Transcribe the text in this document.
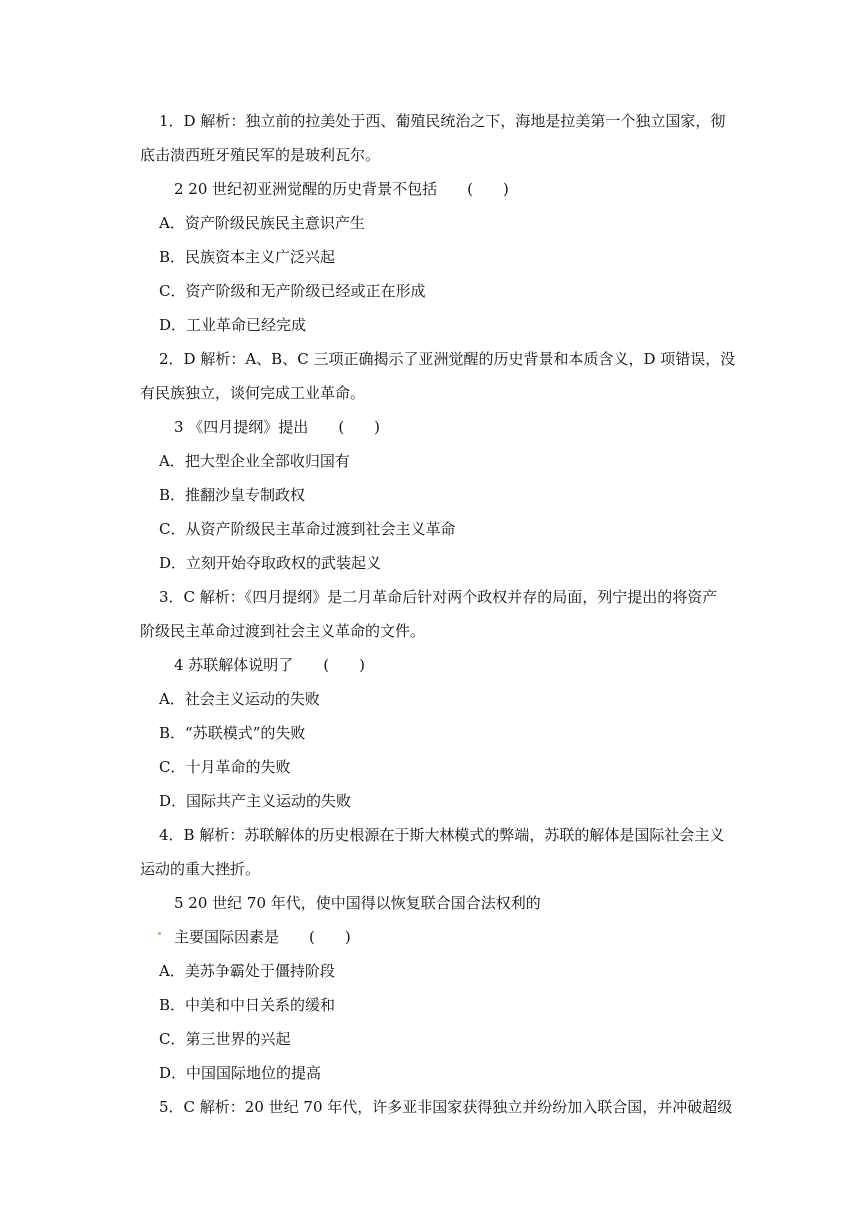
1．D 解析：独立前的拉美处于西、葡殖民统治之下，海地是拉美第一个独立国家，彻
底击溃西班牙殖民军的是玻利瓦尔。
2 20 世纪初亚洲觉醒的历史背景不包括　　(　　)
A．资产阶级民族民主意识产生
B．民族资本主义广泛兴起
C．资产阶级和无产阶级已经或正在形成
D．工业革命已经完成
2．D 解析：A、B、C 三项正确揭示了亚洲觉醒的历史背景和本质含义，D 项错误，没
有民族独立，谈何完成工业革命。
3 《四月提纲》提出　　(　　)
A．把大型企业全部收归国有
B．推翻沙皇专制政权
C．从资产阶级民主革命过渡到社会主义革命
D．立刻开始夺取政权的武装起义
3．C 解析：《四月提纲》是二月革命后针对两个政权并存的局面，列宁提出的将资产
阶级民主革命过渡到社会主义革命的文件。
4 苏联解体说明了　　(　　)
A．社会主义运动的失败
B．“苏联模式”的失败
C．十月革命的失败
D．国际共产主义运动的失败
4．B 解析：苏联解体的历史根源在于斯大林模式的弊端，苏联的解体是国际社会主义
运动的重大挫折。
5 20 世纪 70 年代，使中国得以恢复联合国合法权利的
主要国际因素是　　(　　)
A．美苏争霸处于僵持阶段
B．中美和中日关系的缓和
C．第三世界的兴起
D．中国国际地位的提高
5．C 解析：20 世纪 70 年代，许多亚非国家获得独立并纷纷加入联合国，并冲破超级
